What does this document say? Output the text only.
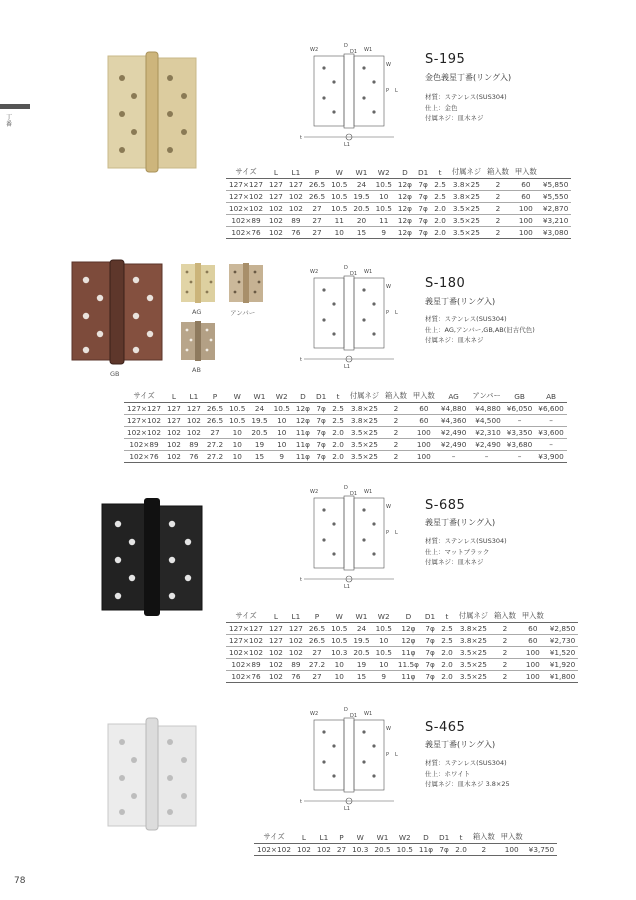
丁番
W2
D
D1 W1
W
P L
L1
t
S-195
金色義星丁番(リング入)
材質：ステンレス(SUS304)
仕上：金色
付属ネジ：皿木ネジ
サイズ	L	L1	P	W	W1	W2	D	D1	t	付属ネジ	箱入数	甲入数	
127×127	127	127	26.5	10.5	24	10.5	12φ	7φ	2.5	3.8×25	2	60	¥5,850
127×102	127	102	26.5	10.5	19.5	10	12φ	7φ	2.5	3.8×25	2	60	¥5,550
102×102	102	102	27	10.5	20.5	10.5	12φ	7φ	2.0	3.5×25	2	100	¥2,870
102×89	102	89	27	11	20	11	12φ	7φ	2.0	3.5×25	2	100	¥3,210
102×76	102	76	27	10	15	9	12φ	7φ	2.0	3.5×25	2	100	¥3,080
GB
AG	アンバー
AB
W2
D
D1 W1
W
P L
L1
t
S-180
義星丁番(リング入)
材質：ステンレス(SUS304)
仕上：AG,アンバー,GB,AB(旧古代色)
付属ネジ：皿木ネジ
サイズ	L	L1	P	W	W1	W2	D	D1	t	付属ネジ	箱入数	甲入数	AG	アンバー	GB	AB
127×127	127	127	26.5	10.5	24	10.5	12φ	7φ	2.5	3.8×25	2	60	¥4,880	¥4,880	¥6,050	¥6,600
127×102	127	102	26.5	10.5	19.5	10	12φ	7φ	2.5	3.8×25	2	60	¥4,360	¥4,500	–	–
102×102	102	102	27	10	20.5	10	11φ	7φ	2.0	3.5×25	2	100	¥2,490	¥2,310	¥3,350	¥3,600
102×89	102	89	27.2	10	19	10	11φ	7φ	2.0	3.5×25	2	100	¥2,490	¥2,490	¥3,680	–
102×76	102	76	27.2	10	15	9	11φ	7φ	2.0	3.5×25	2	100	–	–	–	¥3,900
W2
D
D1 W1
W
P L
L1
t
S-685
義星丁番(リング入)
材質：ステンレス(SUS304)
仕上：マットブラック
付属ネジ：皿木ネジ
サイズ	L	L1	P	W	W1	W2	D	D1	t	付属ネジ	箱入数	甲入数	
127×127	127	127	26.5	10.5	24	10.5	12φ	7φ	2.5	3.8×25	2	60	¥2,850
127×102	127	102	26.5	10.5	19.5	10	12φ	7φ	2.5	3.8×25	2	60	¥2,730
102×102	102	102	27	10.3	20.5	10.5	11φ	7φ	2.0	3.5×25	2	100	¥1,520
102×89	102	89	27.2	10	19	10	11.5φ	7φ	2.0	3.5×25	2	100	¥1,920
102×76	102	76	27	10	15	9	11φ	7φ	2.0	3.5×25	2	100	¥1,800
W2
D
D1 W1
W
P L
L1
t
S-465
義星丁番(リング入)
材質：ステンレス(SUS304)
仕上：ホワイト
付属ネジ：皿木ネジ 3.8×25
サイズ	L	L1	P	W	W1	W2	D	D1	t	箱入数	甲入数	
102×102	102	102	27	10.3	20.5	10.5	11φ	7φ	2.0	2	100	¥3,750
78
